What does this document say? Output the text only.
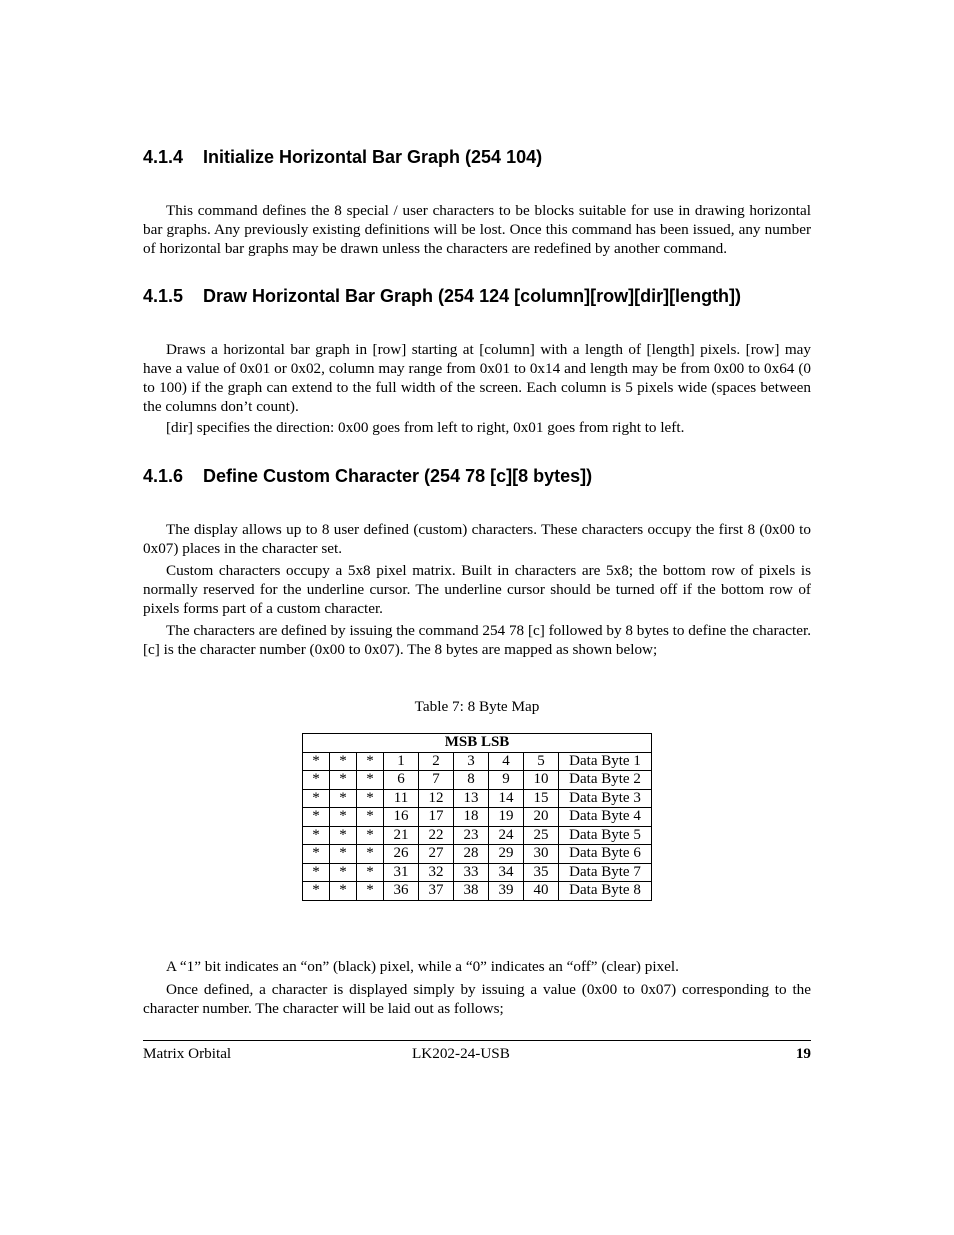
4.1.4 Initialize Horizontal Bar Graph (254 104)

This command defines the 8 special / user characters to be blocks suitable for use in drawing horizontal bar graphs. Any previously existing definitions will be lost. Once this command has been issued, any number of horizontal bar graphs may be drawn unless the characters are redefined by another command.

4.1.5 Draw Horizontal Bar Graph (254 124 [column][row][dir][length])

Draws a horizontal bar graph in [row] starting at [column] with a length of [length] pixels. [row] may have a value of 0x01 or 0x02, column may range from 0x01 to 0x14 and length may be from 0x00 to 0x64 (0 to 100) if the graph can extend to the full width of the screen. Each column is 5 pixels wide (spaces between the columns don’t count).

[dir] specifies the direction: 0x00 goes from left to right, 0x01 goes from right to left.

4.1.6 Define Custom Character (254 78 [c][8 bytes])

The display allows up to 8 user defined (custom) characters. These characters occupy the first 8 (0x00 to 0x07) places in the character set.

Custom characters occupy a 5x8 pixel matrix. Built in characters are 5x8; the bottom row of pixels is normally reserved for the underline cursor. The underline cursor should be turned off if the bottom row of pixels forms part of a custom character.

The characters are defined by issuing the command 254 78 [c] followed by 8 bytes to define the character. [c] is the character number (0x00 to 0x07). The 8 bytes are mapped as shown below;

Table 7: 8 Byte Map
MSB LSB								
*	*	*	1	2	3	4	5	Data Byte 1
*	*	*	6	7	8	9	10	Data Byte 2
*	*	*	11	12	13	14	15	Data Byte 3
*	*	*	16	17	18	19	20	Data Byte 4
*	*	*	21	22	23	24	25	Data Byte 5
*	*	*	26	27	28	29	30	Data Byte 6
*	*	*	31	32	33	34	35	Data Byte 7
*	*	*	36	37	38	39	40	Data Byte 8

A “1” bit indicates an “on” (black) pixel, while a “0” indicates an “off” (clear) pixel.

Once defined, a character is displayed simply by issuing a value (0x00 to 0x07) corresponding to the character number. The character will be laid out as follows;

Matrix Orbital	LK202-24-USB	19
